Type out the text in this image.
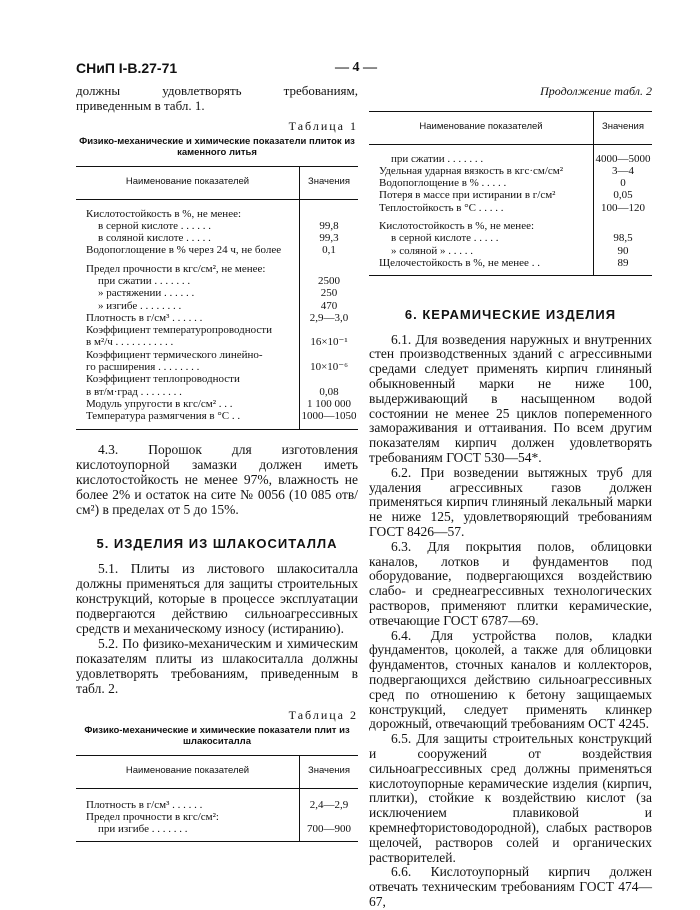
СНиП I-В.27-71	— 4 —
должны удовлетворять требованиям, приведенным в табл. 1.
Таблица 1
Физико-механические и химические показатели плиток из каменного литья
Наименование показателей	Значения
Кислотостойкость в %, не менее:
в серной кислоте . . . . . .	99,8
в соляной кислоте . . . . .	99,3
Водопоглощение в % через 24 ч, не более	0,1
Предел прочности в кгс/см², не менее:
при сжатии . . . . . . .	2500
» растяжении . . . . . .	250
» изгибе . . . . . . . .	470
Плотность в г/см³ . . . . . .	2,9—3,0
Коэффициент температуропроводности
в м²/ч . . . . . . . . . . .	16×10⁻¹
Коэффициент термического линейно-
го расширения . . . . . . . .	10×10⁻⁶
Коэффициент теплопроводности
в вт/м·град . . . . . . . .	0,08
Модуль упругости в кгс/см² . . .	1 100 000
Температура размягчения в °С . .	1000—1050
4.3. Порошок для изготовления кислотоупорной замазки должен иметь кислотостойкость не менее 97%, влажность не более 2% и остаток на сите № 0056 (10 085 отв/см²) в пределах от 5 до 15%.
5. ИЗДЕЛИЯ ИЗ ШЛАКОСИТАЛЛА
5.1. Плиты из листового шлакоситалла должны применяться для защиты строительных конструкций, которые в процессе эксплуатации подвергаются действию сильноагрессивных средств и механическому износу (истиранию).
5.2. По физико-механическим и химическим показателям плиты из шлакоситалла должны удовлетворять требованиям, приведенным в табл. 2.
Таблица 2
Физико-механические и химические показатели плит из шлакоситалла
Наименование показателей	Значения
Плотность в г/см³ . . . . . .	2,4—2,9
Предел прочности в кгс/см²:
при изгибе . . . . . . .	700—900
Продолжение табл. 2
Наименование показателей	Значения
при сжатии . . . . . . .	4000—5000
Удельная ударная вязкость в кгс·см/см²	3—4
Водопоглощение в % . . . . .	0
Потеря в массе при истирании в г/см²	0,05
Теплостойкость в °С . . . . .	100—120
Кислотостойкость в %, не менее:
в серной кислоте . . . . .	98,5
» соляной » . . . . .	90
Щелочестойкость в %, не менее . .	89
6. КЕРАМИЧЕСКИЕ ИЗДЕЛИЯ
6.1. Для возведения наружных и внутренних стен производственных зданий с агрессивными средами следует применять кирпич глиняный обыкновенный марки не ниже 100, выдерживающий в насыщенном водой состоянии не менее 25 циклов попеременного замораживания и оттаивания. По всем другим показателям кирпич должен удовлетворять требованиям ГОСТ 530—54*.
6.2. При возведении вытяжных труб для удаления агрессивных газов должен применяться кирпич глиняный лекальный марки не ниже 125, удовлетворяющий требованиям ГОСТ 8426—57.
6.3. Для покрытия полов, облицовки каналов, лотков и фундаментов под оборудование, подвергающихся воздействию слабо- и среднеагрессивных технологических растворов, применяют плитки керамические, отвечающие ГОСТ 6787—69.
6.4. Для устройства полов, кладки фундаментов, цоколей, а также для облицовки фундаментов, сточных каналов и коллекторов, подвергающихся действию сильноагрессивных сред по отношению к бетону защищаемых конструкций, следует применять клинкер дорожный, отвечающий требованиям ОСТ 4245.
6.5. Для защиты строительных конструкций и сооружений от воздействия сильноагрессивных сред должны применяться кислотоупорные керамические изделия (кирпич, плитки), стойкие к воздействию кислот (за исключением плавиковой и кремнефтористоводородной), слабых растворов щелочей, растворов солей и органических растворителей.
6.6. Кислотоупорный кирпич должен отвечать техническим требованиям ГОСТ 474—67,
